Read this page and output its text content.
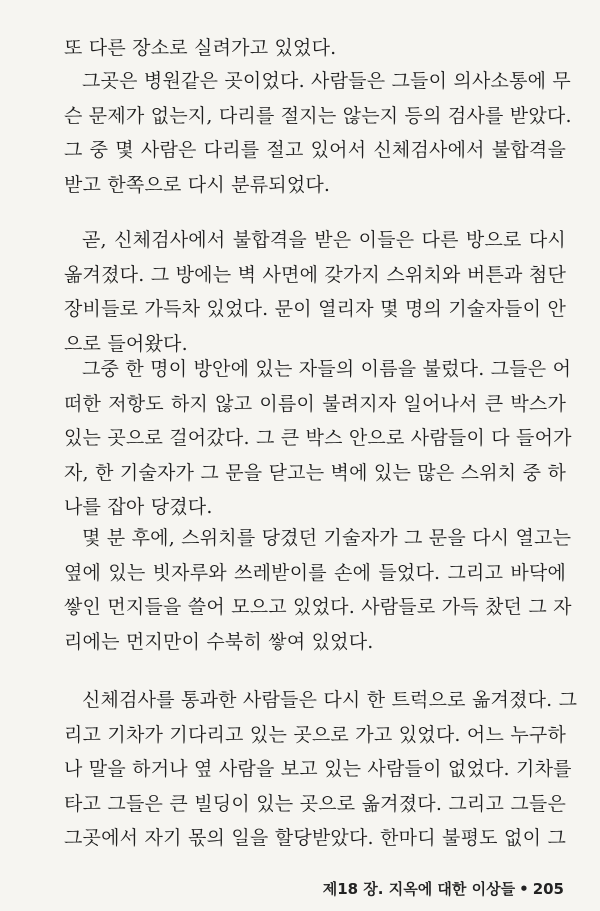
또 다른 장소로 실려가고 있었다.
그곳은 병원같은 곳이었다. 사람들은 그들이 의사소통에 무
슨 문제가 없는지, 다리를 절지는 않는지 등의 검사를 받았다.
그 중 몇 사람은 다리를 절고 있어서 신체검사에서 불합격을
받고 한쪽으로 다시 분류되었다.
곧, 신체검사에서 불합격을 받은 이들은 다른 방으로 다시
옮겨졌다. 그 방에는 벽 사면에 갖가지 스위치와 버튼과 첨단
장비들로 가득차 있었다. 문이 열리자 몇 명의 기술자들이 안
으로 들어왔다.
그중 한 명이 방안에 있는 자들의 이름을 불렀다. 그들은 어
떠한 저항도 하지 않고 이름이 불려지자 일어나서 큰 박스가
있는 곳으로 걸어갔다. 그 큰 박스 안으로 사람들이 다 들어가
자, 한 기술자가 그 문을 닫고는 벽에 있는 많은 스위치 중 하
나를 잡아 당겼다.
몇 분 후에, 스위치를 당겼던 기술자가 그 문을 다시 열고는
옆에 있는 빗자루와 쓰레받이를 손에 들었다. 그리고 바닥에
쌓인 먼지들을 쓸어 모으고 있었다. 사람들로 가득 찼던 그 자
리에는 먼지만이 수북히 쌓여 있었다.
신체검사를 통과한 사람들은 다시 한 트럭으로 옮겨졌다. 그
리고 기차가 기다리고 있는 곳으로 가고 있었다. 어느 누구하
나 말을 하거나 옆 사람을 보고 있는 사람들이 없었다. 기차를
타고 그들은 큰 빌딩이 있는 곳으로 옮겨졌다. 그리고 그들은
그곳에서 자기 몫의 일을 할당받았다. 한마디 불평도 없이 그
제18 장. 지옥에 대한 이상들 • 205
